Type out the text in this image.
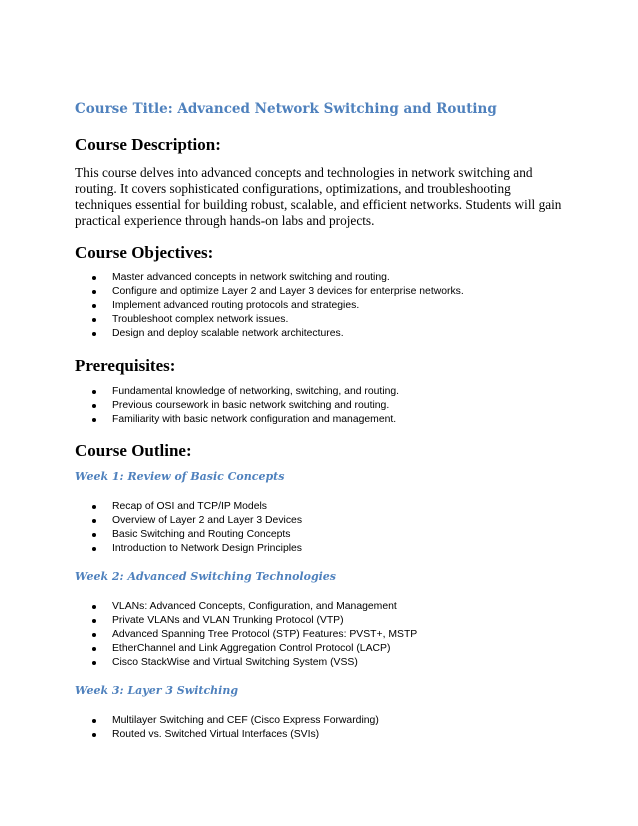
Course Title: Advanced Network Switching and Routing
Course Description:

This course delves into advanced concepts and technologies in network switching and routing. It covers sophisticated configurations, optimizations, and troubleshooting techniques essential for building robust, scalable, and efficient networks. Students will gain practical experience through hands-on labs and projects.

Course Objectives:
Master advanced concepts in network switching and routing.
Configure and optimize Layer 2 and Layer 3 devices for enterprise networks.
Implement advanced routing protocols and strategies.
Troubleshoot complex network issues.
Design and deploy scalable network architectures.
Prerequisites:
Fundamental knowledge of networking, switching, and routing.
Previous coursework in basic network switching and routing.
Familiarity with basic network configuration and management.
Course Outline:
Week 1: Review of Basic Concepts
Recap of OSI and TCP/IP Models
Overview of Layer 2 and Layer 3 Devices
Basic Switching and Routing Concepts
Introduction to Network Design Principles
Week 2: Advanced Switching Technologies
VLANs: Advanced Concepts, Configuration, and Management
Private VLANs and VLAN Trunking Protocol (VTP)
Advanced Spanning Tree Protocol (STP) Features: PVST+, MSTP
EtherChannel and Link Aggregation Control Protocol (LACP)
Cisco StackWise and Virtual Switching System (VSS)
Week 3: Layer 3 Switching
Multilayer Switching and CEF (Cisco Express Forwarding)
Routed vs. Switched Virtual Interfaces (SVIs)
